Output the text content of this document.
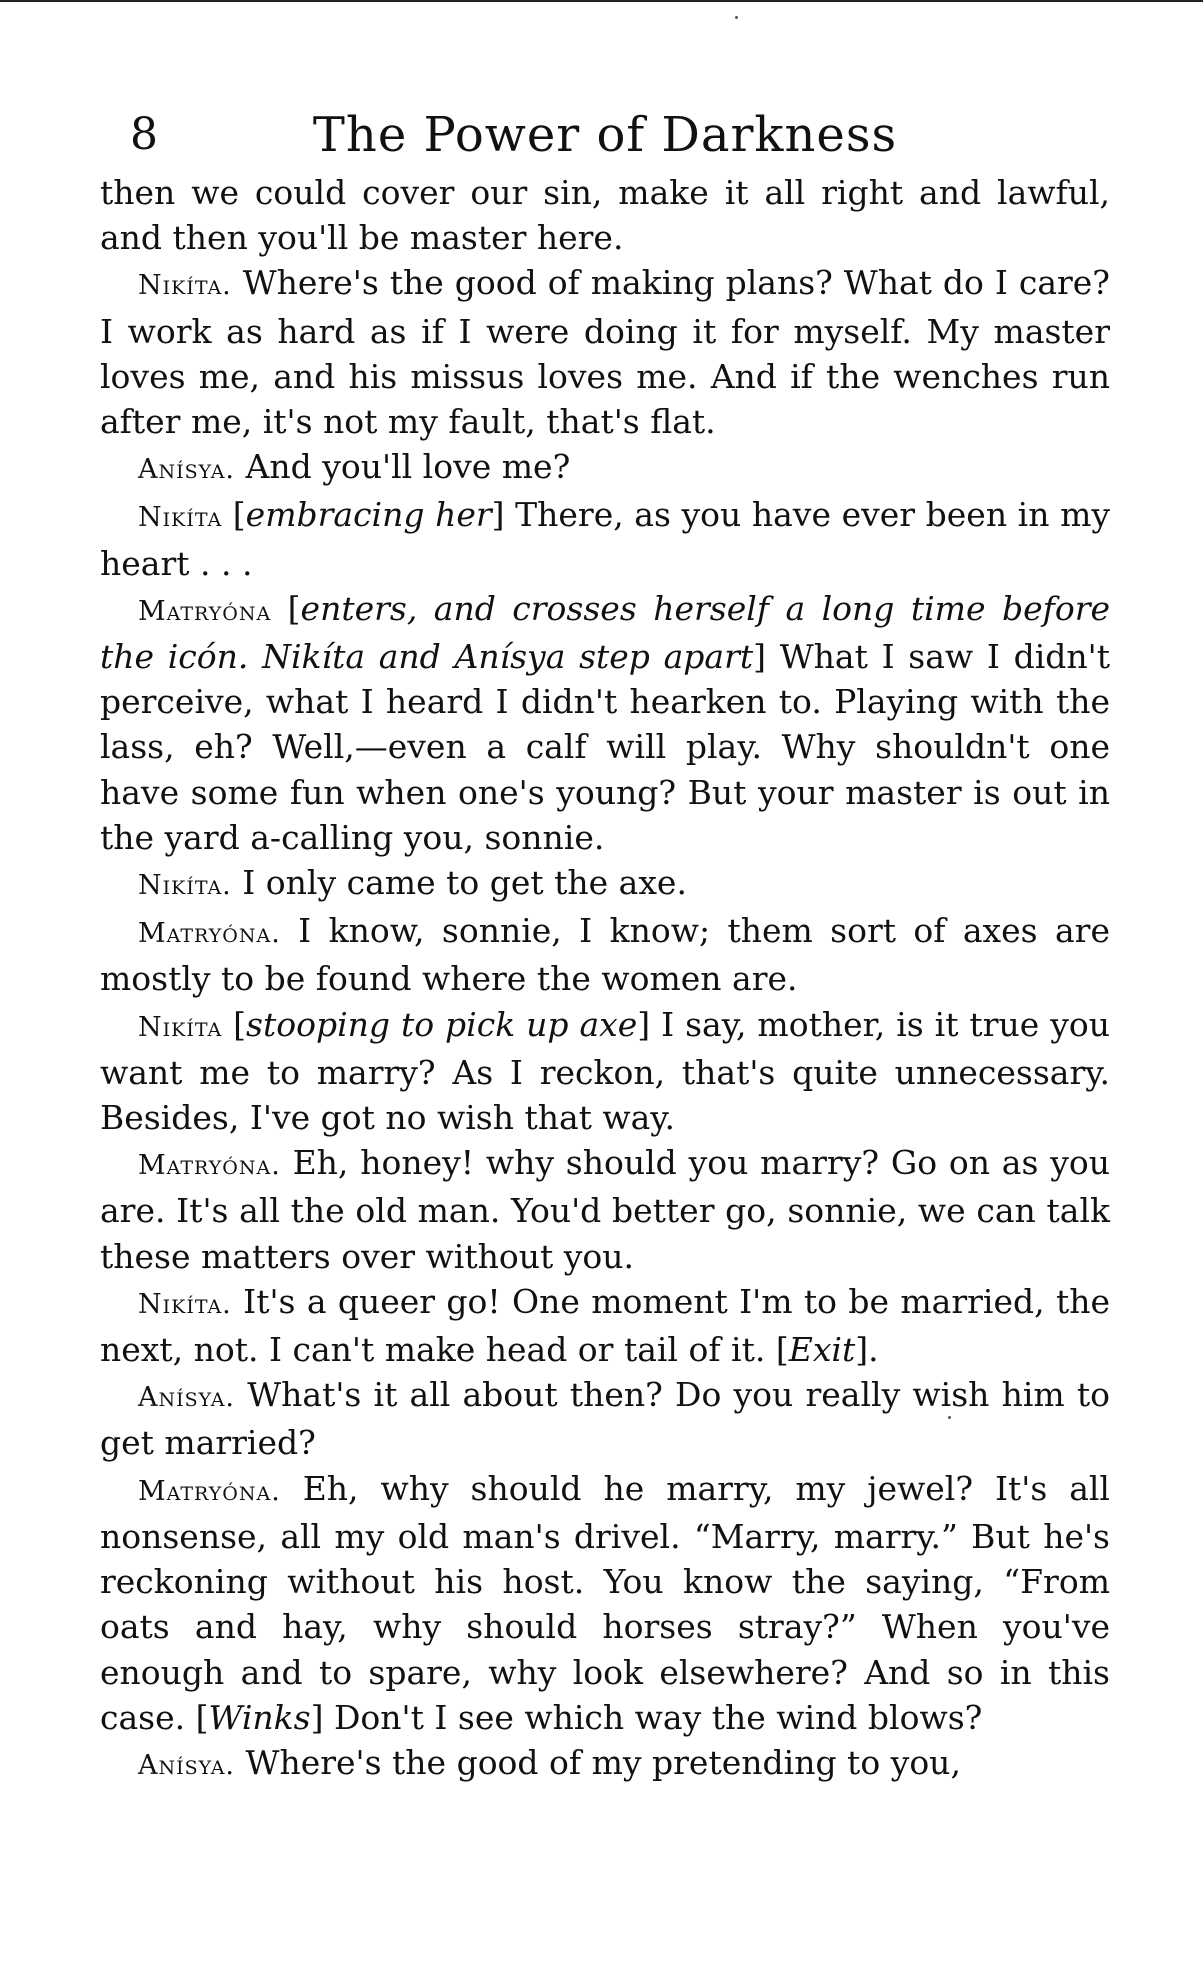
8	The Power of Darkness

then we could cover our sin, make it all right and lawful, and then you'll be master here.

Nikíta. Where's the good of making plans? What do I care? I work as hard as if I were doing it for myself. My master loves me, and his missus loves me. And if the wenches run after me, it's not my fault, that's flat.

Anísya. And you'll love me?

Nikíta [embracing her] There, as you have ever been in my heart . . .

Matryóna [enters, and crosses herself a long time before the icón. Nikíta and Anísya step apart] What I saw I didn't perceive, what I heard I didn't hearken to. Playing with the lass, eh? Well,—even a calf will play. Why shouldn't one have some fun when one's young? But your master is out in the yard a-calling you, sonnie.

Nikíta. I only came to get the axe.

Matryóna. I know, sonnie, I know; them sort of axes are mostly to be found where the women are.

Nikíta [stooping to pick up axe] I say, mother, is it true you want me to marry? As I reckon, that's quite unnecessary. Besides, I've got no wish that way.

Matryóna. Eh, honey! why should you marry? Go on as you are. It's all the old man. You'd better go, sonnie, we can talk these matters over without you.

Nikíta. It's a queer go! One moment I'm to be married, the next, not. I can't make head or tail of it. [Exit].

Anísya. What's it all about then? Do you really wish him to get married?

Matryóna. Eh, why should he marry, my jewel? It's all nonsense, all my old man's drivel. “Marry, marry.” But he's reckoning without his host. You know the saying, “From oats and hay, why should horses stray?” When you've enough and to spare, why look elsewhere? And so in this case. [Winks] Don't I see which way the wind blows?

Anísya. Where's the good of my pretending to you,
